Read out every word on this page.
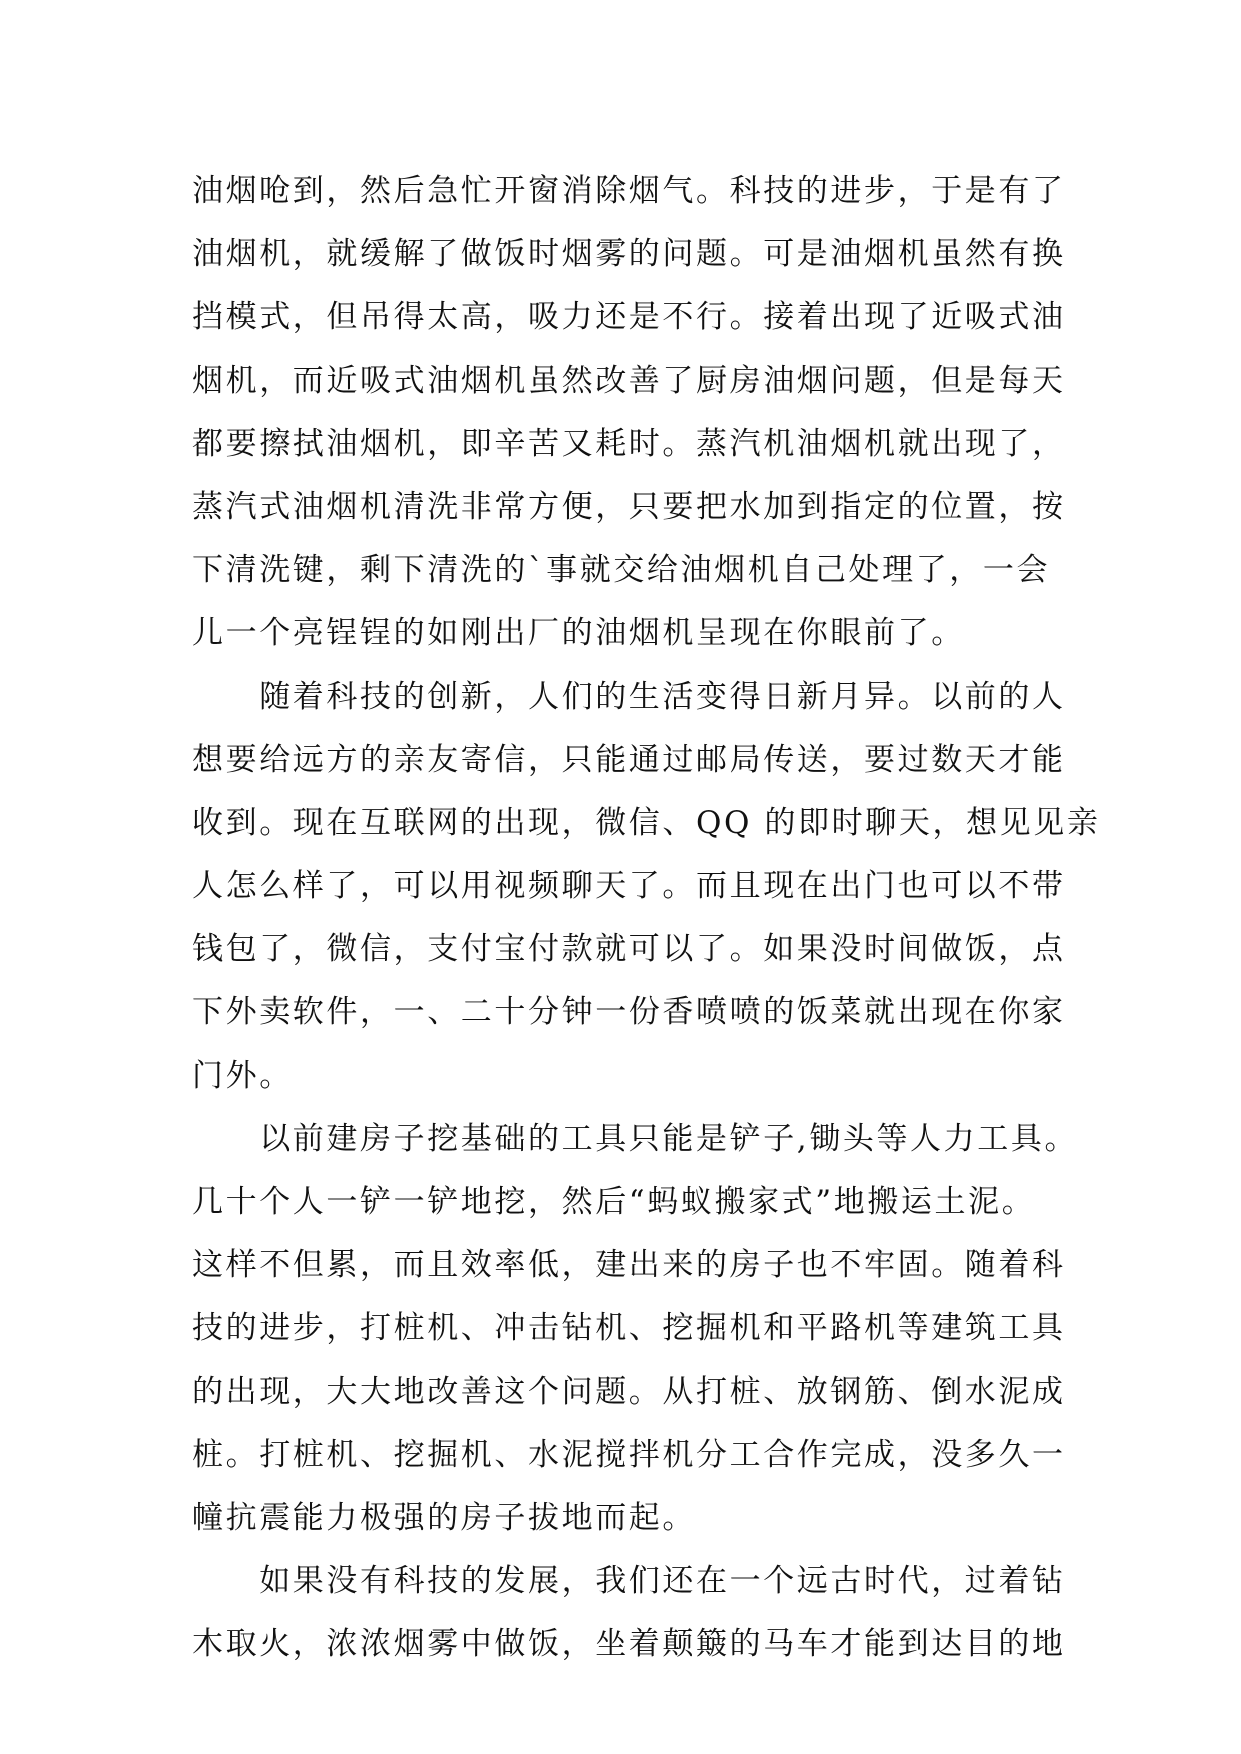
油烟呛到，然后急忙开窗消除烟气。科技的进步，于是有了
油烟机，就缓解了做饭时烟雾的问题。可是油烟机虽然有换
挡模式，但吊得太高，吸力还是不行。接着出现了近吸式油
烟机，而近吸式油烟机虽然改善了厨房油烟问题，但是每天
都要擦拭油烟机，即辛苦又耗时。蒸汽机油烟机就出现了，
蒸汽式油烟机清洗非常方便，只要把水加到指定的位置，按
下清洗键，剩下清洗的`事就交给油烟机自己处理了，一会
儿一个亮锃锃的如刚出厂的油烟机呈现在你眼前了。
　　随着科技的创新，人们的生活变得日新月异。以前的人
想要给远方的亲友寄信，只能通过邮局传送，要过数天才能
收到。现在互联网的出现，微信、QQ 的即时聊天，想见见亲
人怎么样了，可以用视频聊天了。而且现在出门也可以不带
钱包了，微信，支付宝付款就可以了。如果没时间做饭，点
下外卖软件，一、二十分钟一份香喷喷的饭菜就出现在你家
门外。
　　以前建房子挖基础的工具只能是铲子,锄头等人力工具。
几十个人一铲一铲地挖，然后“蚂蚁搬家式”地搬运土泥。
这样不但累，而且效率低，建出来的房子也不牢固。随着科
技的进步，打桩机、冲击钻机、挖掘机和平路机等建筑工具
的出现，大大地改善这个问题。从打桩、放钢筋、倒水泥成
桩。打桩机、挖掘机、水泥搅拌机分工合作完成，没多久一
幢抗震能力极强的房子拔地而起。
　　如果没有科技的发展，我们还在一个远古时代，过着钻
木取火，浓浓烟雾中做饭，坐着颠簸的马车才能到达目的地
